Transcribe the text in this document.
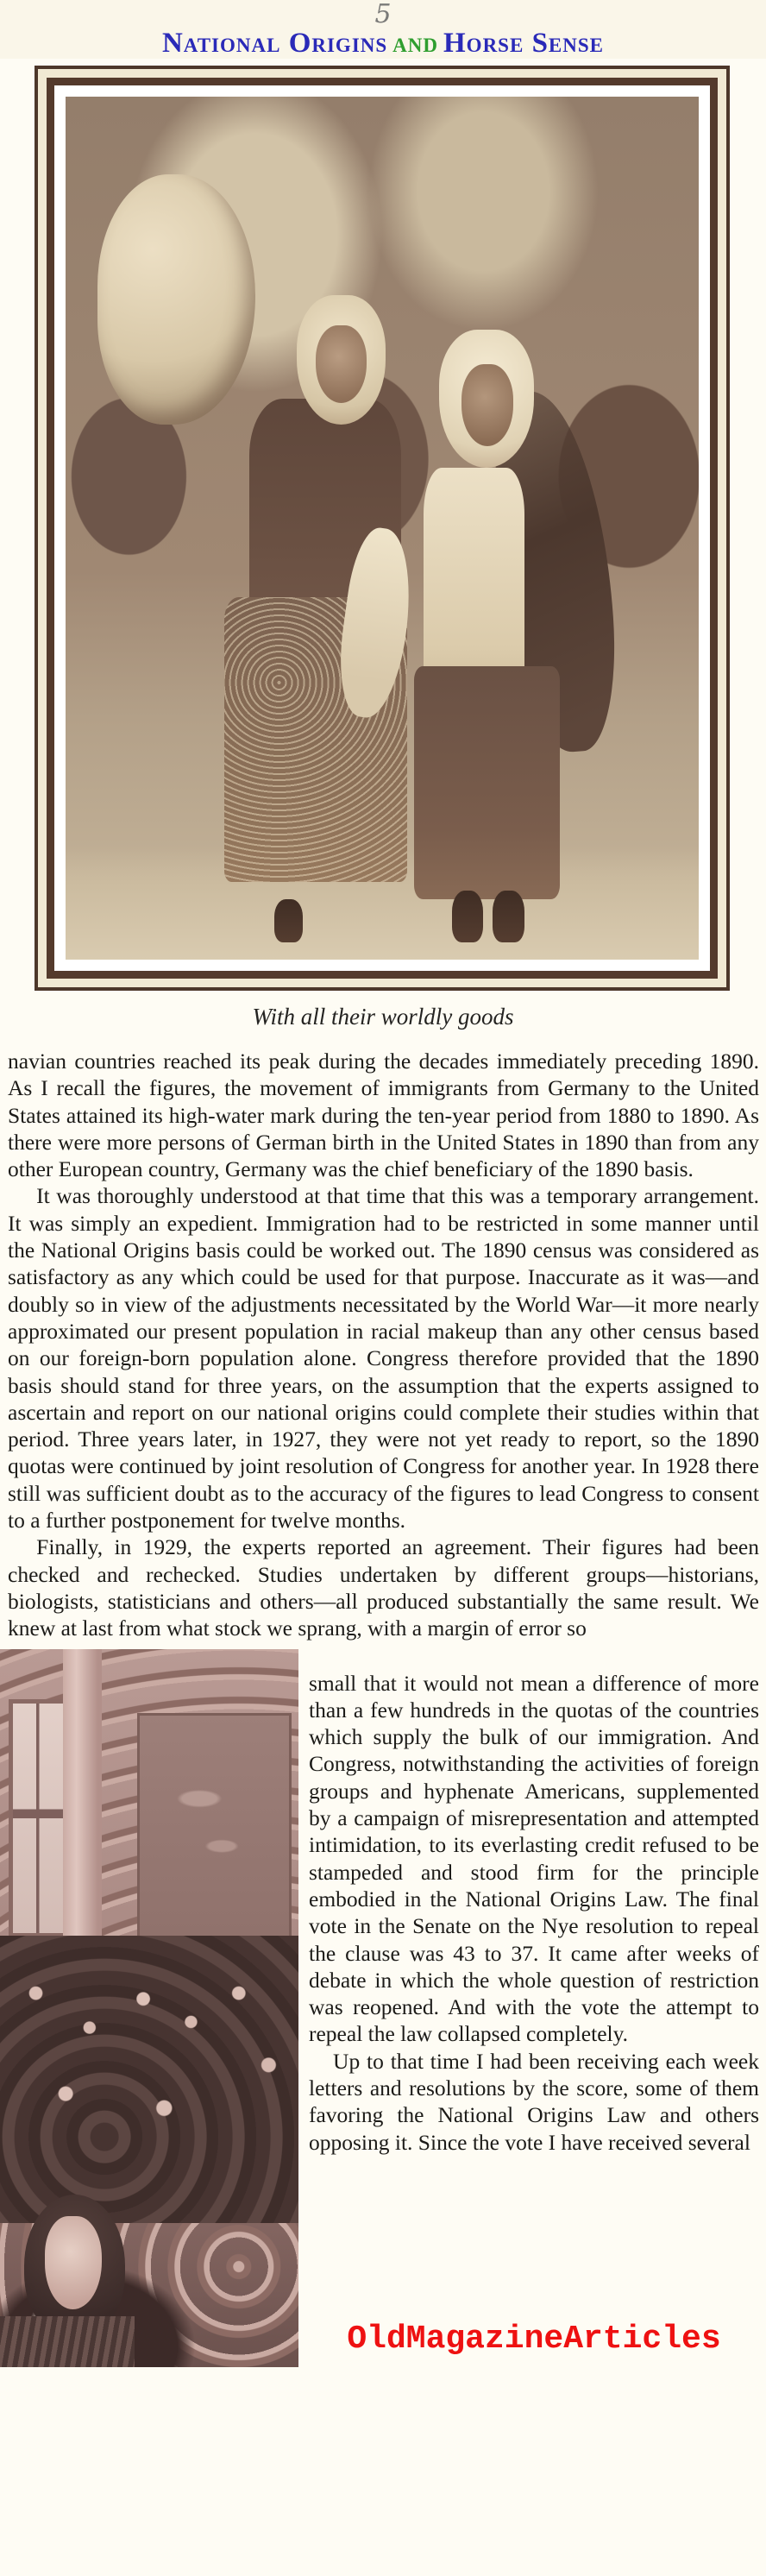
5
National Origins and Horse Sense
With all their worldly goods

navian countries reached its peak during the decades immediately preceding 1890. As I recall the figures, the movement of immigrants from Germany to the United States attained its high-water mark during the ten-year period from 1880 to 1890. As there were more persons of German birth in the United States in 1890 than from any other European country, Germany was the chief beneficiary of the 1890 basis.

It was thoroughly understood at that time that this was a temporary arrangement. It was simply an expedient. Immigration had to be restricted in some manner until the National Origins basis could be worked out. The 1890 census was considered as satisfactory as any which could be used for that purpose. Inaccurate as it was—and doubly so in view of the adjustments necessitated by the World War—it more nearly approximated our present population in racial makeup than any other census based on our foreign-born population alone. Congress therefore provided that the 1890 basis should stand for three years, on the assumption that the experts assigned to ascertain and report on our national origins could complete their studies within that period. Three years later, in 1927, they were not yet ready to report, so the 1890 quotas were continued by joint resolution of Congress for another year. In 1928 there still was sufficient doubt as to the accuracy of the figures to lead Congress to consent to a further postponement for twelve months.

Finally, in 1929, the experts reported an agreement. Their figures had been checked and rechecked. Studies undertaken by different groups—historians, biologists, statisticians and others—all produced substantially the same result. We knew at last from what stock we sprang, with a margin of error so

small that it would not mean a difference of more than a few hundreds in the quotas of the countries which supply the bulk of our immigration. And Congress, notwithstanding the activities of foreign groups and hyphenate Americans, supplemented by a campaign of misrepresentation and attempted intimidation, to its everlasting credit refused to be stampeded and stood firm for the principle embodied in the National Origins Law. The final vote in the Senate on the Nye resolution to repeal the clause was 43 to 37. It came after weeks of debate in which the whole question of restriction was reopened. And with the vote the attempt to repeal the law collapsed completely.

Up to that time I had been receiving each week letters and resolutions by the score, some of them favoring the National Origins Law and others opposing it. Since the vote I have received several

OldMagazineArticles
